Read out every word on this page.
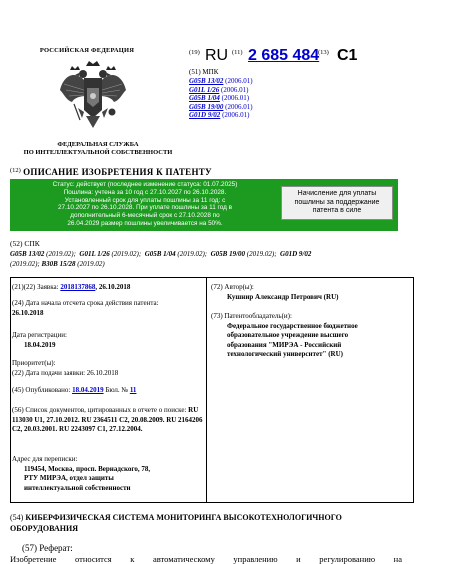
РОССИЙСКАЯ ФЕДЕРАЦИЯ
ФЕДЕРАЛЬНАЯ СЛУЖБА
ПО ИНТЕЛЛЕКТУАЛЬНОЙ СОБСТВЕННОСТИ
(19) RU (11) 2 685 484
(13) C1
(51) МПК
G05B 13/02 (2006.01)
G01L 1/26 (2006.01)
G05B 1/04 (2006.01)
G05B 19/00 (2006.01)
G01D 9/02 (2006.01)
$^{(12)}$ ОПИСАНИЕ ИЗОБРЕТЕНИЯ К ПАТЕНТУ
Статус: действует (последнее изменение статуса: 01.07.2025)
Пошлина: учтена за 10 год с 27.10.2027 по 26.10.2028.
Установленный срок для уплаты пошлины за 11 год: с
27.10.2027 по 26.10.2028. При уплате пошлины за 11 год в
дополнительный 6-месячный срок с 27.10.2028 по
26.04.2029 размер пошлины увеличивается на 50%.
Начисление для уплаты пошлины за поддержание патента в силе
(52) СПК
G05B 13/02 (2019.02); G01L 1/26 (2019.02); G05B 1/04 (2019.02); G05B 19/00 (2019.02); G01D 9/02
(2019.02); B30B 15/28 (2019.02)
(21)(22) Заявка: 2018137868, 26.10.2018
(24) Дата начала отсчета срока действия патента:
26.10.2018
Дата регистрации:
18.04.2019
Приоритет(ы):
(22) Дата подачи заявки: 26.10.2018
(45) Опубликовано: 18.04.2019 Бюл. № 11
(56) Список документов, цитированных в отчете о поиске: RU 113030 U1, 27.10.2012. RU 2364511 C2, 20.08.2009. RU 2164206 C2, 20.03.2001. RU 2243097 C1, 27.12.2004.
Адрес для переписки:
119454, Москва, просп. Вернадского, 78,
РТУ МИРЭА, отдел защиты
интеллектуальной собственности
(72) Автор(ы):
Кушнир Александр Петрович (RU)
(73) Патентообладатель(и):
Федеральное государственное бюджетное
образовательное учреждение высшего
образования "МИРЭА - Российский
технологический университет" (RU)
(54) КИБЕРФИЗИЧЕСКАЯ СИСТЕМА МОНИТОРИНГА ВЫСОКОТЕХНОЛОГИЧНОГО ОБОРУДОВАНИЯ
(57) Реферат:
Изобретение относится к автоматическому управлению и регулированию на
